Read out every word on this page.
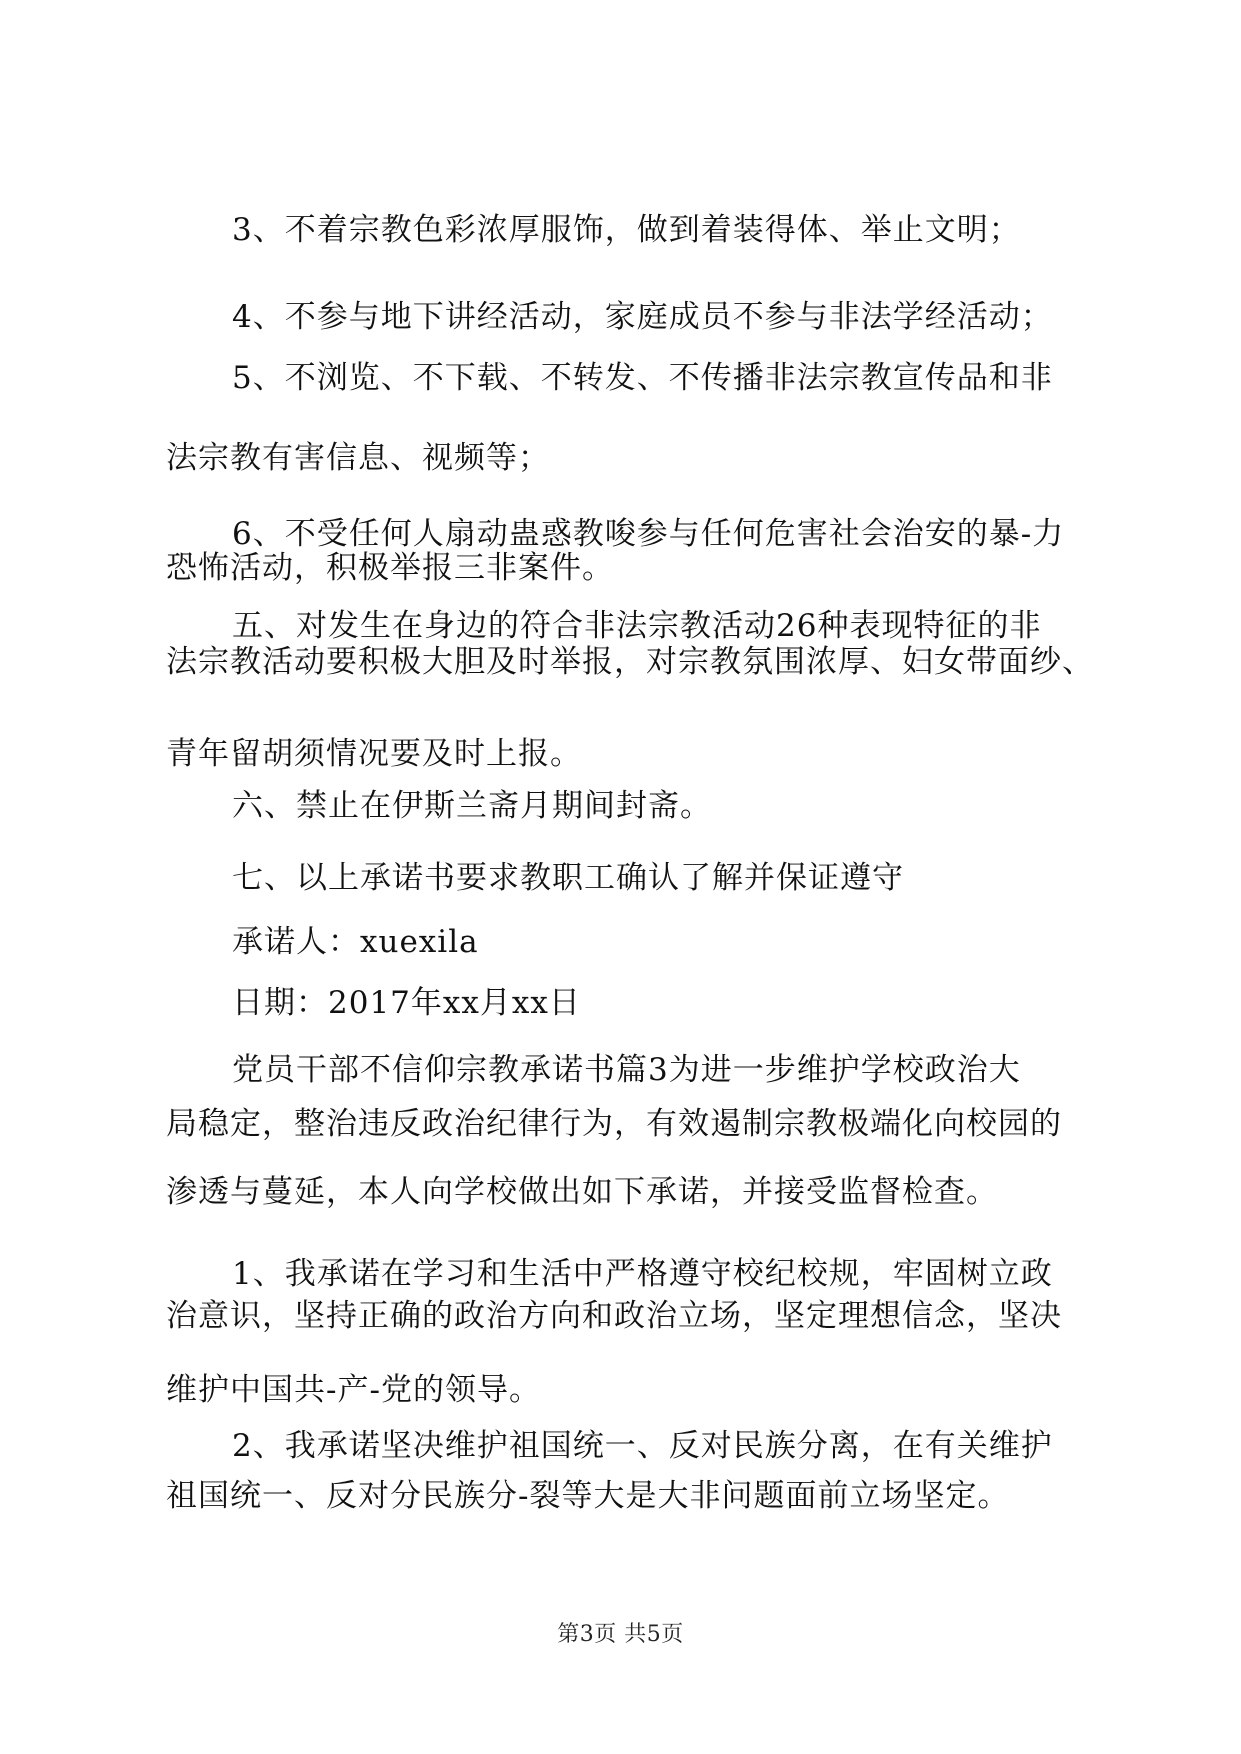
3、不着宗教色彩浓厚服饰，做到着装得体、举止文明；
4、不参与地下讲经活动，家庭成员不参与非法学经活动；
5、不浏览、不下载、不转发、不传播非法宗教宣传品和非
法宗教有害信息、视频等；
6、不受任何人扇动蛊惑教唆参与任何危害社会治安的暴-力
恐怖活动，积极举报三非案件。
五、对发生在身边的符合非法宗教活动26种表现特征的非
法宗教活动要积极大胆及时举报，对宗教氛围浓厚、妇女带面纱、
青年留胡须情况要及时上报。
六、禁止在伊斯兰斋月期间封斋。
七、以上承诺书要求教职工确认了解并保证遵守
承诺人：xuexila
日期：2017年xx月xx日
党员干部不信仰宗教承诺书篇3为进一步维护学校政治大
局稳定，整治违反政治纪律行为，有效遏制宗教极端化向校园的
渗透与蔓延，本人向学校做出如下承诺，并接受监督检查。
1、我承诺在学习和生活中严格遵守校纪校规，牢固树立政
治意识，坚持正确的政治方向和政治立场，坚定理想信念，坚决
维护中国共-产-党的领导。
2、我承诺坚决维护祖国统一、反对民族分离，在有关维护
祖国统一、反对分民族分-裂等大是大非问题面前立场坚定。
第3页 共5页
